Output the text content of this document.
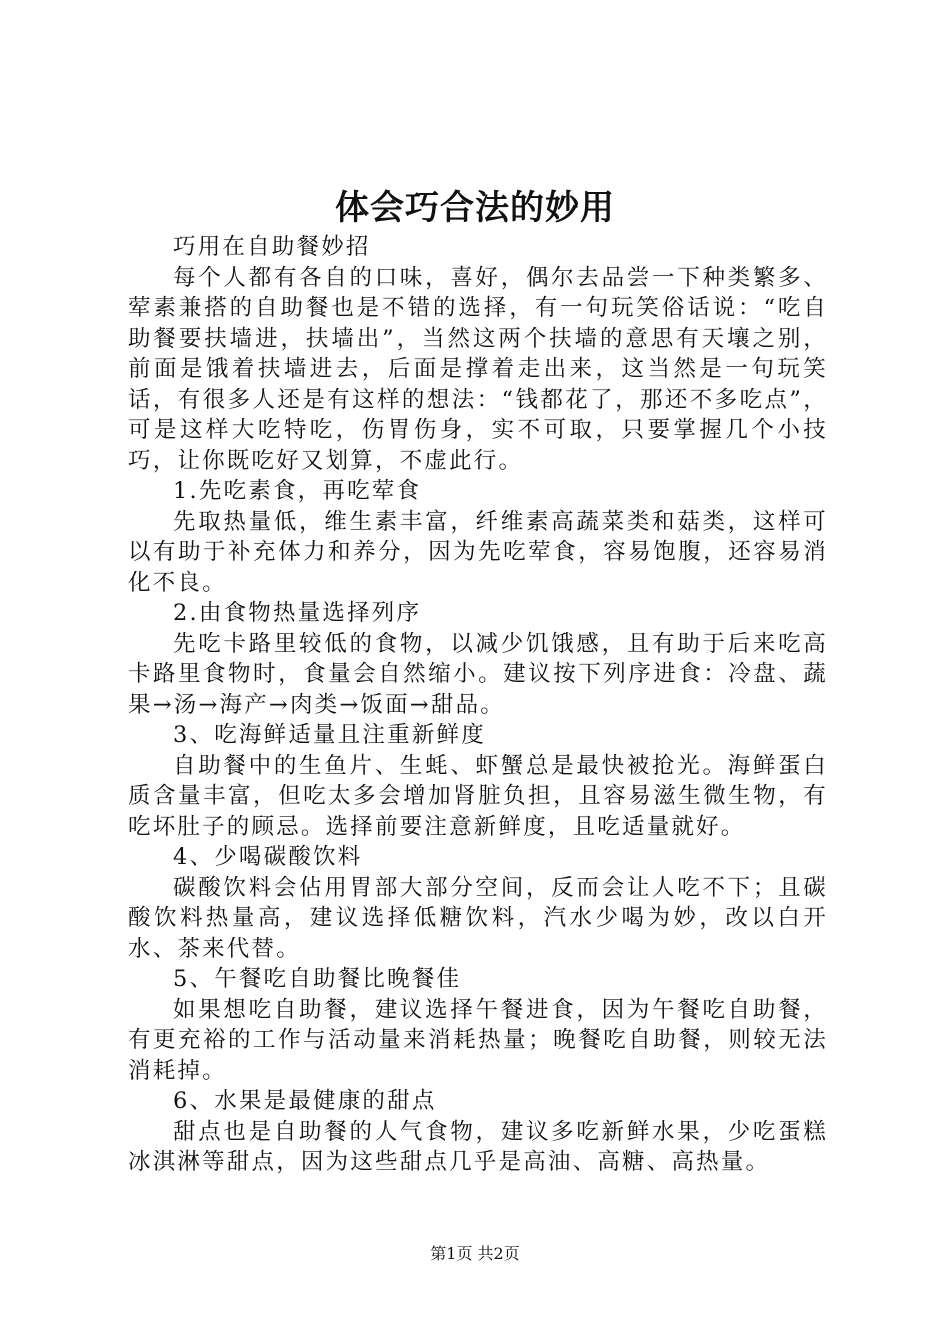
体会巧合法的妙用

巧用在自助餐妙招

每个人都有各自的口味，喜好，偶尔去品尝一下种类繁多、荤素兼搭的自助餐也是不错的选择，有一句玩笑俗话说：“吃自助餐要扶墙进，扶墙出”，当然这两个扶墙的意思有天壤之别，前面是饿着扶墙进去，后面是撑着走出来，这当然是一句玩笑话，有很多人还是有这样的想法：“钱都花了，那还不多吃点”，可是这样大吃特吃，伤胃伤身，实不可取，只要掌握几个小技巧，让你既吃好又划算，不虚此行。

1.先吃素食，再吃荤食

先取热量低，维生素丰富，纤维素高蔬菜类和菇类，这样可以有助于补充体力和养分，因为先吃荤食，容易饱腹，还容易消化不良。

2.由食物热量选择列序

先吃卡路里较低的食物，以减少饥饿感，且有助于后来吃高卡路里食物时，食量会自然缩小。建议按下列序进食：冷盘、蔬果→汤→海产→肉类→饭面→甜品。

3、吃海鲜适量且注重新鲜度

自助餐中的生鱼片、生蚝、虾蟹总是最快被抢光。海鲜蛋白质含量丰富，但吃太多会增加肾脏负担，且容易滋生微生物，有吃坏肚子的顾忌。选择前要注意新鲜度，且吃适量就好。

4、少喝碳酸饮料

碳酸饮料会佔用胃部大部分空间，反而会让人吃不下；且碳酸饮料热量高，建议选择低糖饮料，汽水少喝为妙，改以白开水、茶来代替。

5、午餐吃自助餐比晚餐佳

如果想吃自助餐，建议选择午餐进食，因为午餐吃自助餐，有更充裕的工作与活动量来消耗热量；晚餐吃自助餐，则较无法消耗掉。

6、水果是最健康的甜点

甜点也是自助餐的人气食物，建议多吃新鲜水果，少吃蛋糕冰淇淋等甜点，因为这些甜点几乎是高油、高糖、高热量。

第1页 共2页
